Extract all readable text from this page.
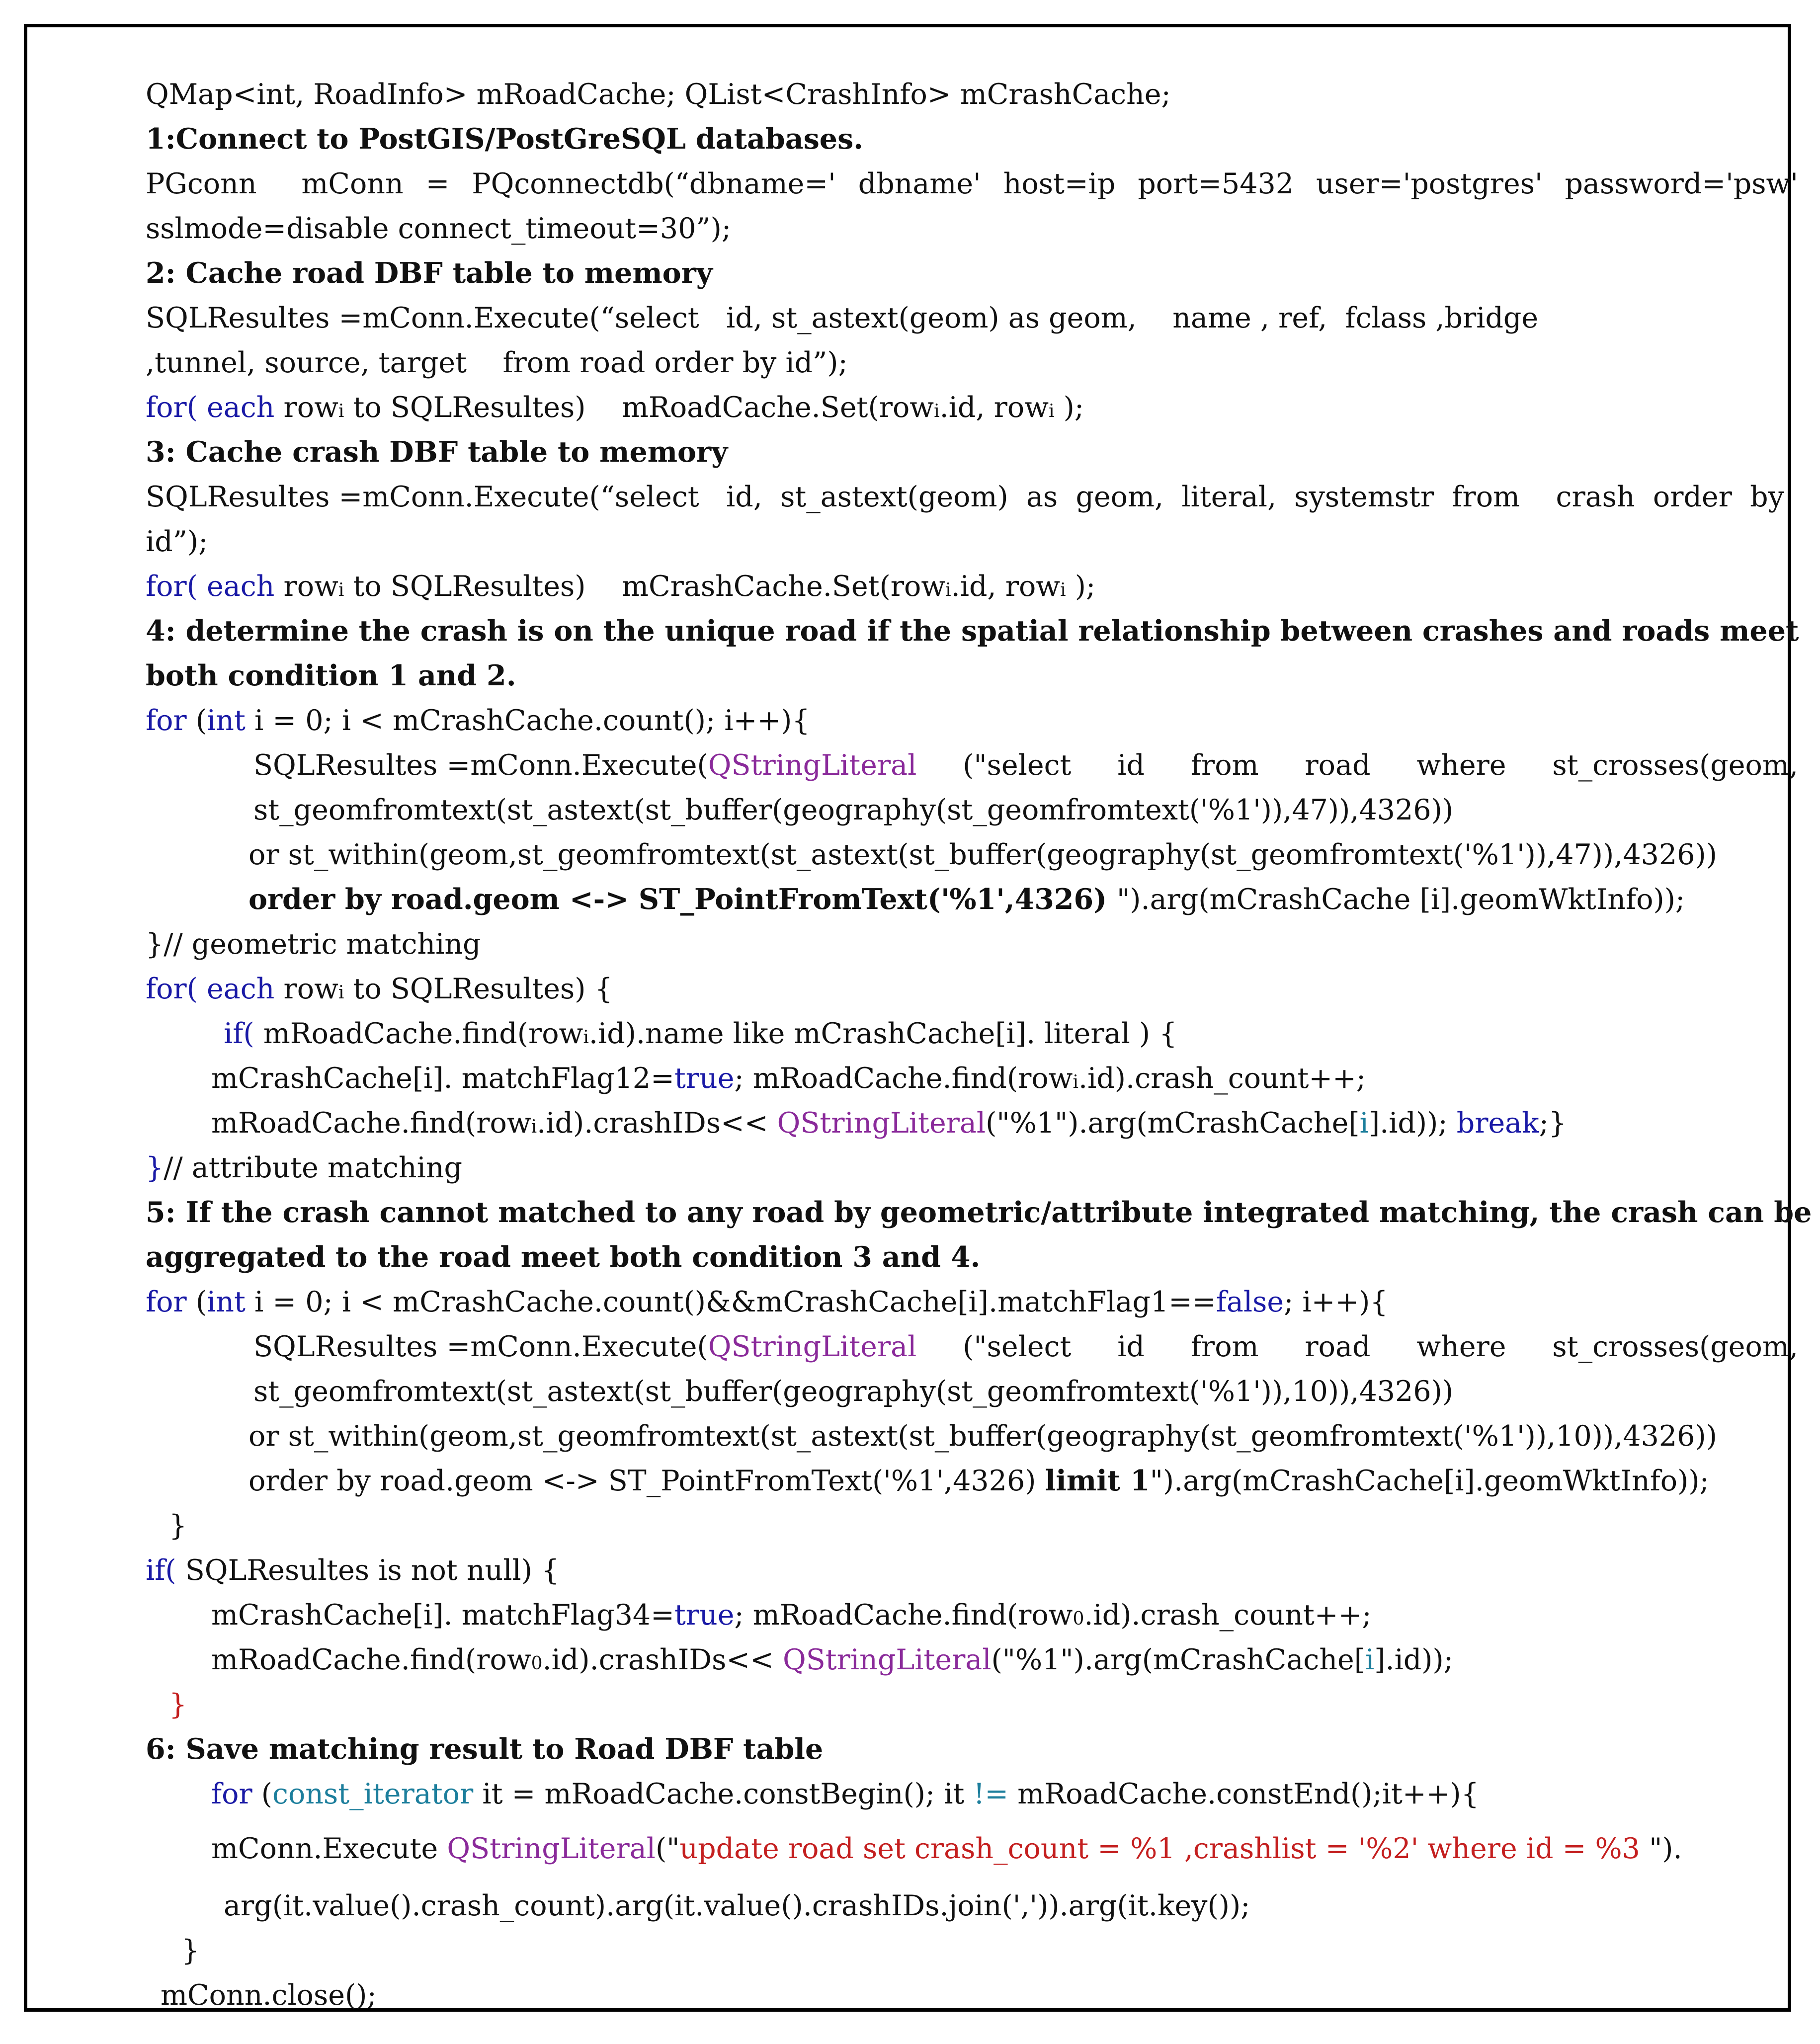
QMap<int, RoadInfo> mRoadCache; QList<CrashInfo> mCrashCache;
1:Connect to PostGIS/PostGreSQL databases.
PGconn    mConn  =  PQconnectdb(“dbname='  dbname'  host=ip  port=5432  user='postgres'  password='psw'
sslmode=disable connect_timeout=30”);
2: Cache road DBF table to memory
SQLResultes =mConn.Execute(“select   id, st_astext(geom) as geom,    name , ref,  fclass ,bridge
,tunnel, source, target    from road order by id”);
for( each rowi to SQLResultes)    mRoadCache.Set(rowi.id, rowi );
3: Cache crash DBF table to memory
SQLResultes =mConn.Execute(“select   id,  st_astext(geom)  as  geom,  literal,  systemstr  from    crash  order  by
id”);
for( each rowi to SQLResultes)    mCrashCache.Set(rowi.id, rowi );
4: determine the crash is on the unique road if the spatial relationship between crashes and roads meet
both condition 1 and 2.
for (int i = 0; i < mCrashCache.count(); i++){
SQLResultes =mConn.Execute(QStringLiteral ("select id from road where st_crosses(geom,
st_geomfromtext(st_astext(st_buffer(geography(st_geomfromtext('%1')),47)),4326))
or st_within(geom,st_geomfromtext(st_astext(st_buffer(geography(st_geomfromtext('%1')),47)),4326))
order by road.geom <-> ST_PointFromText('%1',4326) ").arg(mCrashCache [i].geomWktInfo));
}// geometric matching
for( each rowi to SQLResultes) {
if( mRoadCache.find(rowi.id).name like mCrashCache[i]. literal ) {
mCrashCache[i]. matchFlag12=true; mRoadCache.find(rowi.id).crash_count++;
mRoadCache.find(rowi.id).crashIDs<< QStringLiteral("%1").arg(mCrashCache[i].id)); break;}
}// attribute matching
5: If the crash cannot matched to any road by geometric/attribute integrated matching, the crash can be
aggregated to the road meet both condition 3 and 4.
for (int i = 0; i < mCrashCache.count()&&mCrashCache[i].matchFlag1==false; i++){
SQLResultes =mConn.Execute(QStringLiteral ("select id from road where st_crosses(geom,
st_geomfromtext(st_astext(st_buffer(geography(st_geomfromtext('%1')),10)),4326))
or st_within(geom,st_geomfromtext(st_astext(st_buffer(geography(st_geomfromtext('%1')),10)),4326))
order by road.geom <-> ST_PointFromText('%1',4326) limit 1").arg(mCrashCache[i].geomWktInfo));
}
if( SQLResultes is not null) {
mCrashCache[i]. matchFlag34=true; mRoadCache.find(row0.id).crash_count++;
mRoadCache.find(row0.id).crashIDs<< QStringLiteral("%1").arg(mCrashCache[i].id));
}
6: Save matching result to Road DBF table
for (const_iterator it = mRoadCache.constBegin(); it != mRoadCache.constEnd();it++){
mConn.Execute QStringLiteral("update road set crash_count = %1 ,crashlist = '%2' where id = %3 ").
arg(it.value().crash_count).arg(it.value().crashIDs.join(',')).arg(it.key());
}
mConn.close();
